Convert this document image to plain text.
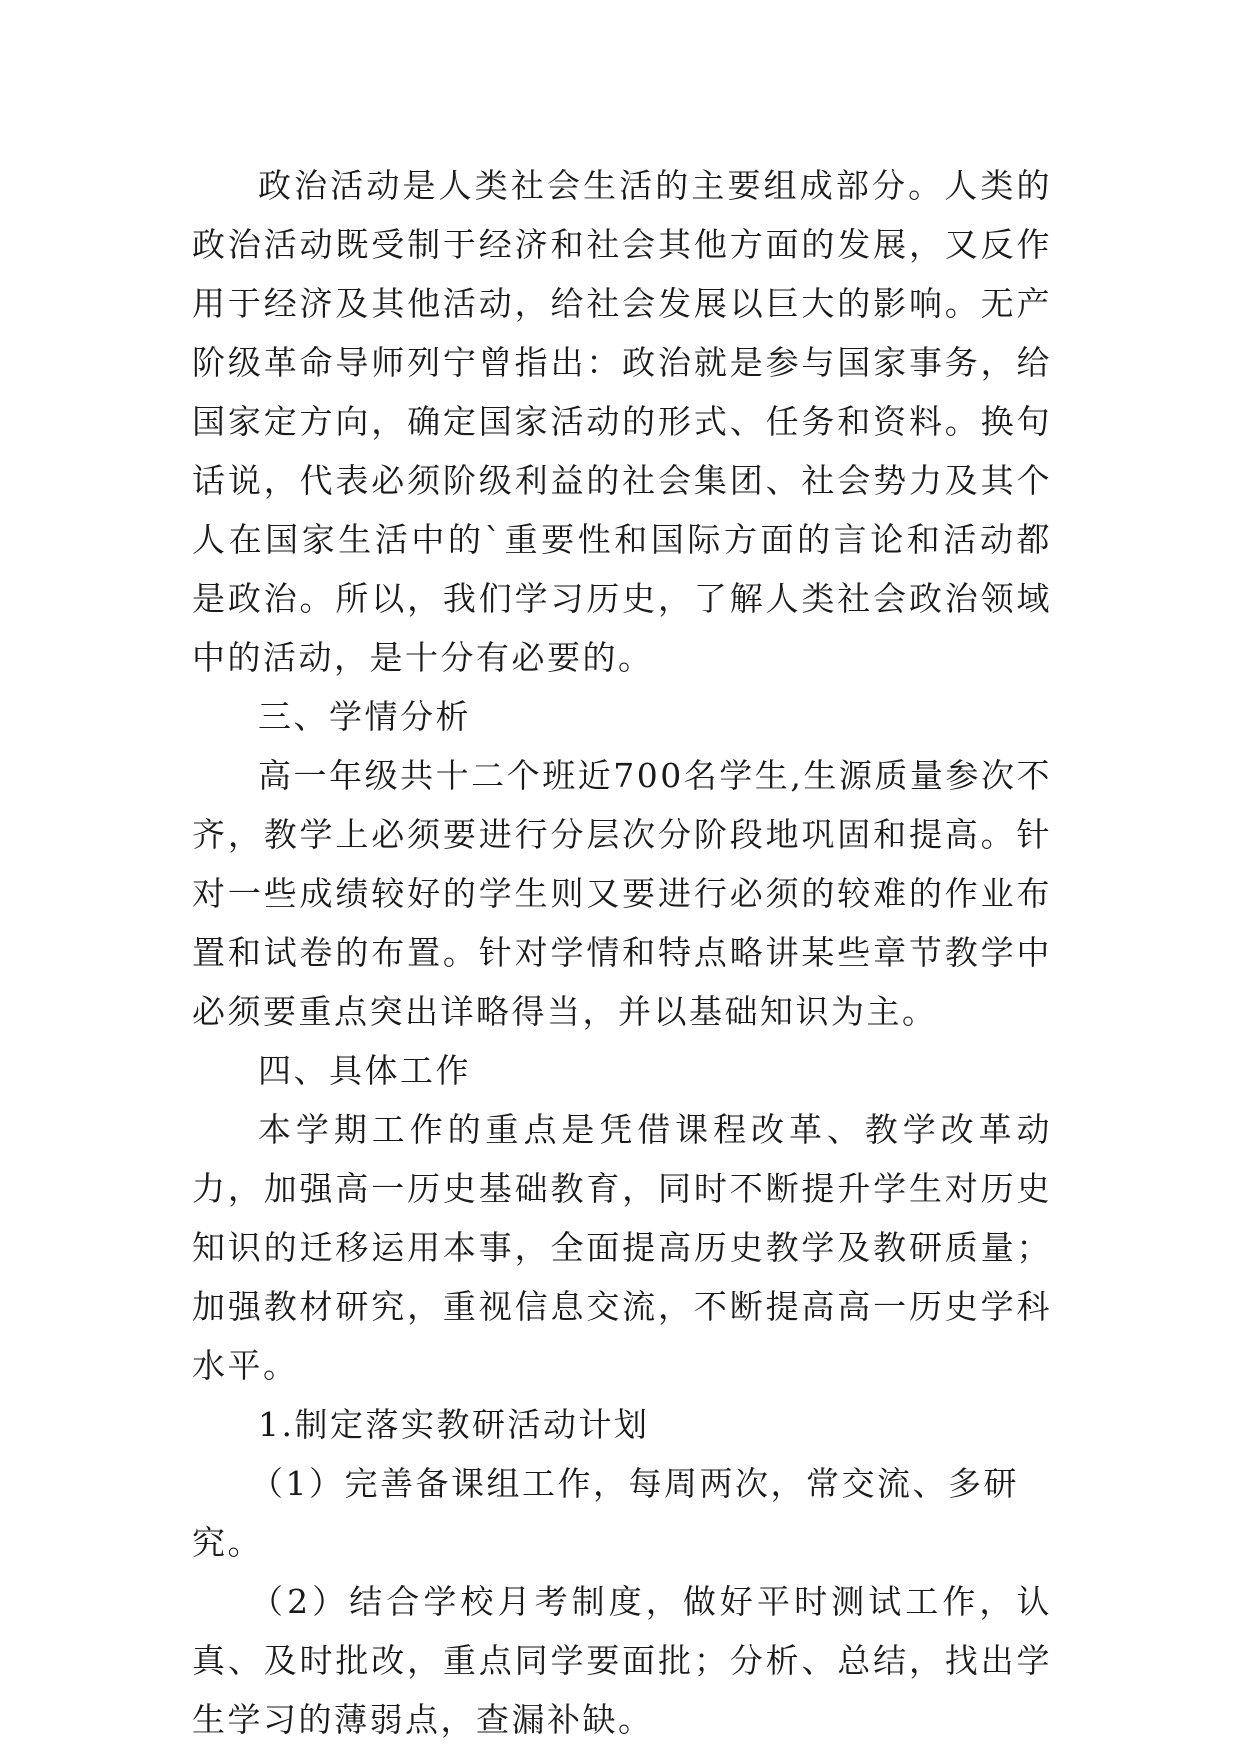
政治活动是人类社会生活的主要组成部分。人类的政治活动既受制于经济和社会其他方面的发展，又反作用于经济及其他活动，给社会发展以巨大的影响。无产阶级革命导师列宁曾指出：政治就是参与国家事务，给国家定方向，确定国家活动的形式、任务和资料。换句话说，代表必须阶级利益的社会集团、社会势力及其个人在国家生活中的`重要性和国际方面的言论和活动都是政治。所以，我们学习历史，了解人类社会政治领域中的活动，是十分有必要的。

三、学情分析

高一年级共十二个班近700名学生,生源质量参次不齐，教学上必须要进行分层次分阶段地巩固和提高。针对一些成绩较好的学生则又要进行必须的较难的作业布置和试卷的布置。针对学情和特点略讲某些章节教学中必须要重点突出详略得当，并以基础知识为主。

四、具体工作

本学期工作的重点是凭借课程改革、教学改革动力，加强高一历史基础教育，同时不断提升学生对历史知识的迁移运用本事，全面提高历史教学及教研质量；加强教材研究，重视信息交流，不断提高高一历史学科水平。

1.制定落实教研活动计划

（1）完善备课组工作，每周两次，常交流、多研究。

（2）结合学校月考制度，做好平时测试工作，认真、及时批改，重点同学要面批；分析、总结，找出学生学习的薄弱点，查漏补缺。
